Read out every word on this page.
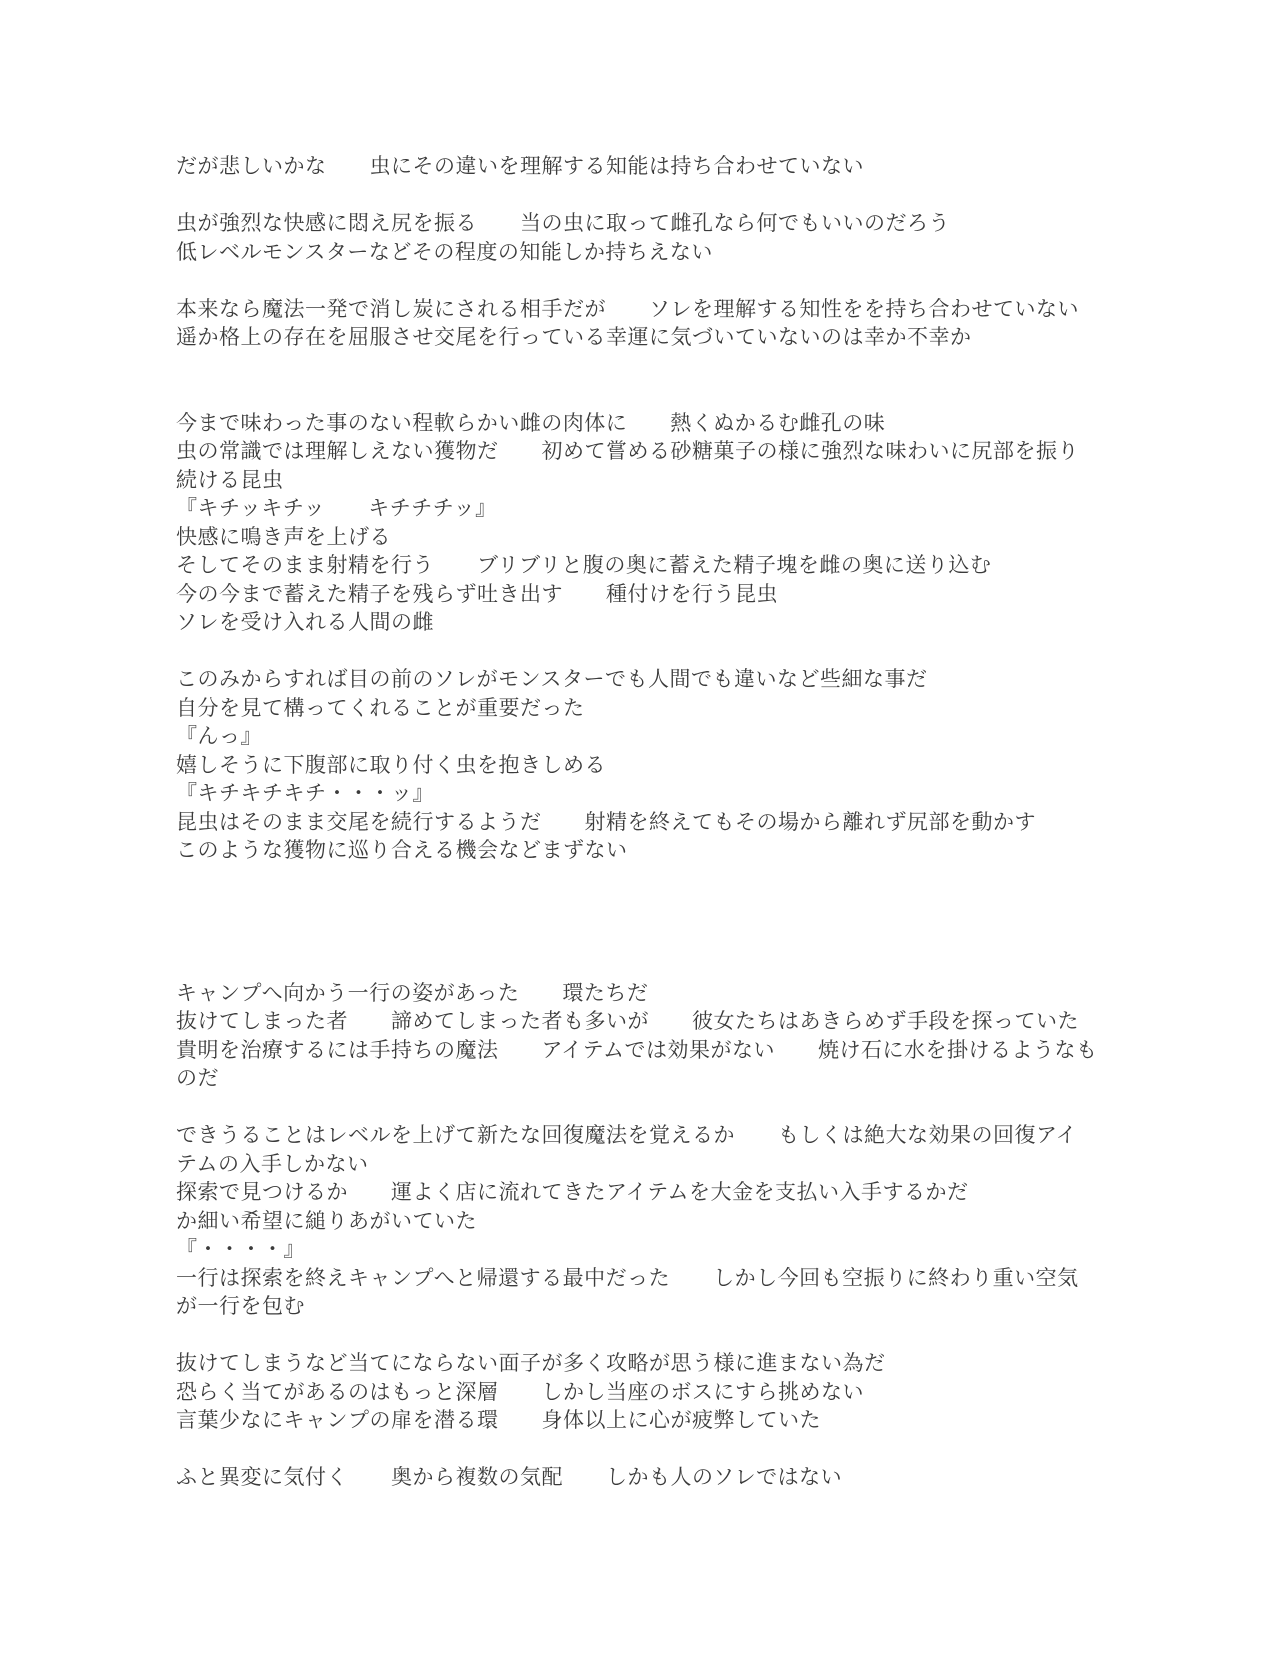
だが悲しいかな　　虫にその違いを理解する知能は持ち合わせていない
虫が強烈な快感に悶え尻を振る　　当の虫に取って雌孔なら何でもいいのだろう
低レベルモンスターなどその程度の知能しか持ちえない
本来なら魔法一発で消し炭にされる相手だが　　ソレを理解する知性をを持ち合わせていない
遥か格上の存在を屈服させ交尾を行っている幸運に気づいていないのは幸か不幸か
今まで味わった事のない程軟らかい雌の肉体に　　熱くぬかるむ雌孔の味
虫の常識では理解しえない獲物だ　　初めて嘗める砂糖菓子の様に強烈な味わいに尻部を振り
続ける昆虫
『キチッキチッ　　キチチチッ』
快感に鳴き声を上げる
そしてそのまま射精を行う　　ブリブリと腹の奥に蓄えた精子塊を雌の奥に送り込む
今の今まで蓄えた精子を残らず吐き出す　　種付けを行う昆虫
ソレを受け入れる人間の雌
このみからすれば目の前のソレがモンスターでも人間でも違いなど些細な事だ
自分を見て構ってくれることが重要だった
『んっ』
嬉しそうに下腹部に取り付く虫を抱きしめる
『キチキチキチ・・・ッ』
昆虫はそのまま交尾を続行するようだ　　射精を終えてもその場から離れず尻部を動かす
このような獲物に巡り合える機会などまずない
キャンプへ向かう一行の姿があった　　環たちだ
抜けてしまった者　　諦めてしまった者も多いが　　彼女たちはあきらめず手段を探っていた
貴明を治療するには手持ちの魔法　　アイテムでは効果がない　　焼け石に水を掛けるようなも
のだ
できうることはレベルを上げて新たな回復魔法を覚えるか　　もしくは絶大な効果の回復アイ
テムの入手しかない
探索で見つけるか　　運よく店に流れてきたアイテムを大金を支払い入手するかだ
か細い希望に縋りあがいていた
『・・・・』
一行は探索を終えキャンプへと帰還する最中だった　　しかし今回も空振りに終わり重い空気
が一行を包む
抜けてしまうなど当てにならない面子が多く攻略が思う様に進まない為だ
恐らく当てがあるのはもっと深層　　しかし当座のボスにすら挑めない
言葉少なにキャンプの扉を潜る環　　身体以上に心が疲弊していた
ふと異変に気付く　　奥から複数の気配　　しかも人のソレではない
